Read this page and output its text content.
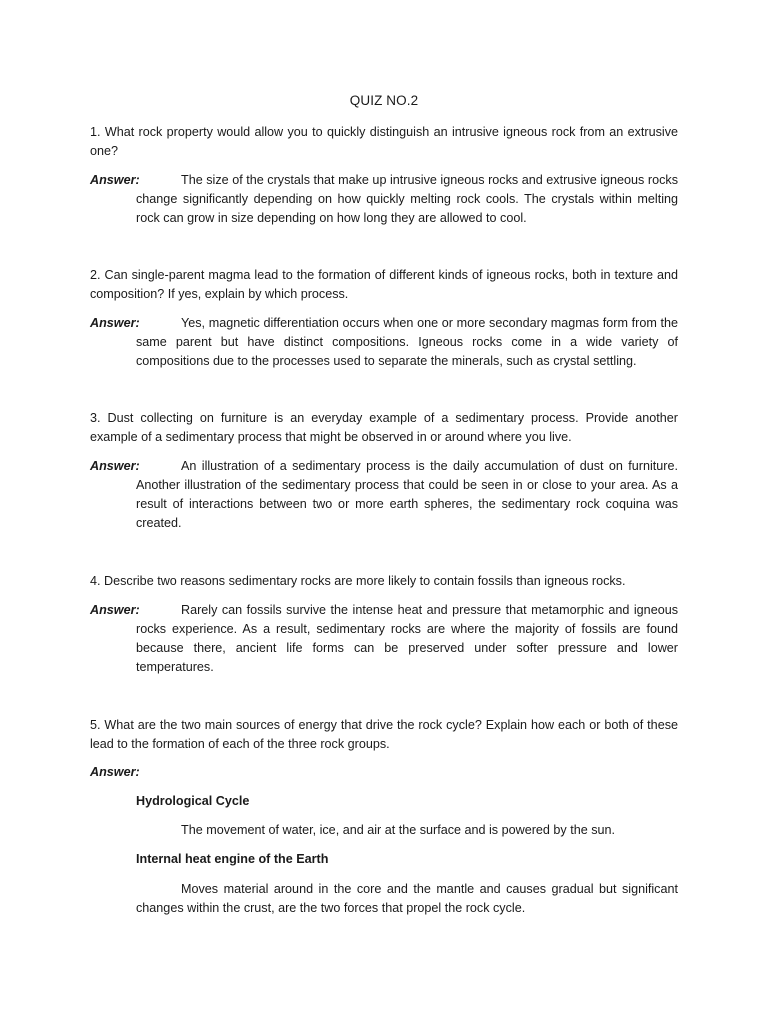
QUIZ NO.2
1. What rock property would allow you to quickly distinguish an intrusive igneous rock from an extrusive one?
Answer:	The size of the crystals that make up intrusive igneous rocks and extrusive igneous rocks change significantly depending on how quickly melting rock cools. The crystals within melting rock can grow in size depending on how long they are allowed to cool.
2. Can single-parent magma lead to the formation of different kinds of igneous rocks, both in texture and composition? If yes, explain by which process.
Answer:	Yes, magnetic differentiation occurs when one or more secondary magmas form from the same parent but have distinct compositions. Igneous rocks come in a wide variety of compositions due to the processes used to separate the minerals, such as crystal settling.
3. Dust collecting on furniture is an everyday example of a sedimentary process. Provide another example of a sedimentary process that might be observed in or around where you live.
Answer:	An illustration of a sedimentary process is the daily accumulation of dust on furniture. Another illustration of the sedimentary process that could be seen in or close to your area. As a result of interactions between two or more earth spheres, the sedimentary rock coquina was created.
4. Describe two reasons sedimentary rocks are more likely to contain fossils than igneous rocks.
Answer:	Rarely can fossils survive the intense heat and pressure that metamorphic and igneous rocks experience. As a result, sedimentary rocks are where the majority of fossils are found because there, ancient life forms can be preserved under softer pressure and lower temperatures.
5. What are the two main sources of energy that drive the rock cycle? Explain how each or both of these lead to the formation of each of the three rock groups.
Answer:
Hydrological Cycle
The movement of water, ice, and air at the surface and is powered by the sun.
Internal heat engine of the Earth
Moves material around in the core and the mantle and causes gradual but significant changes within the crust, are the two forces that propel the rock cycle.
